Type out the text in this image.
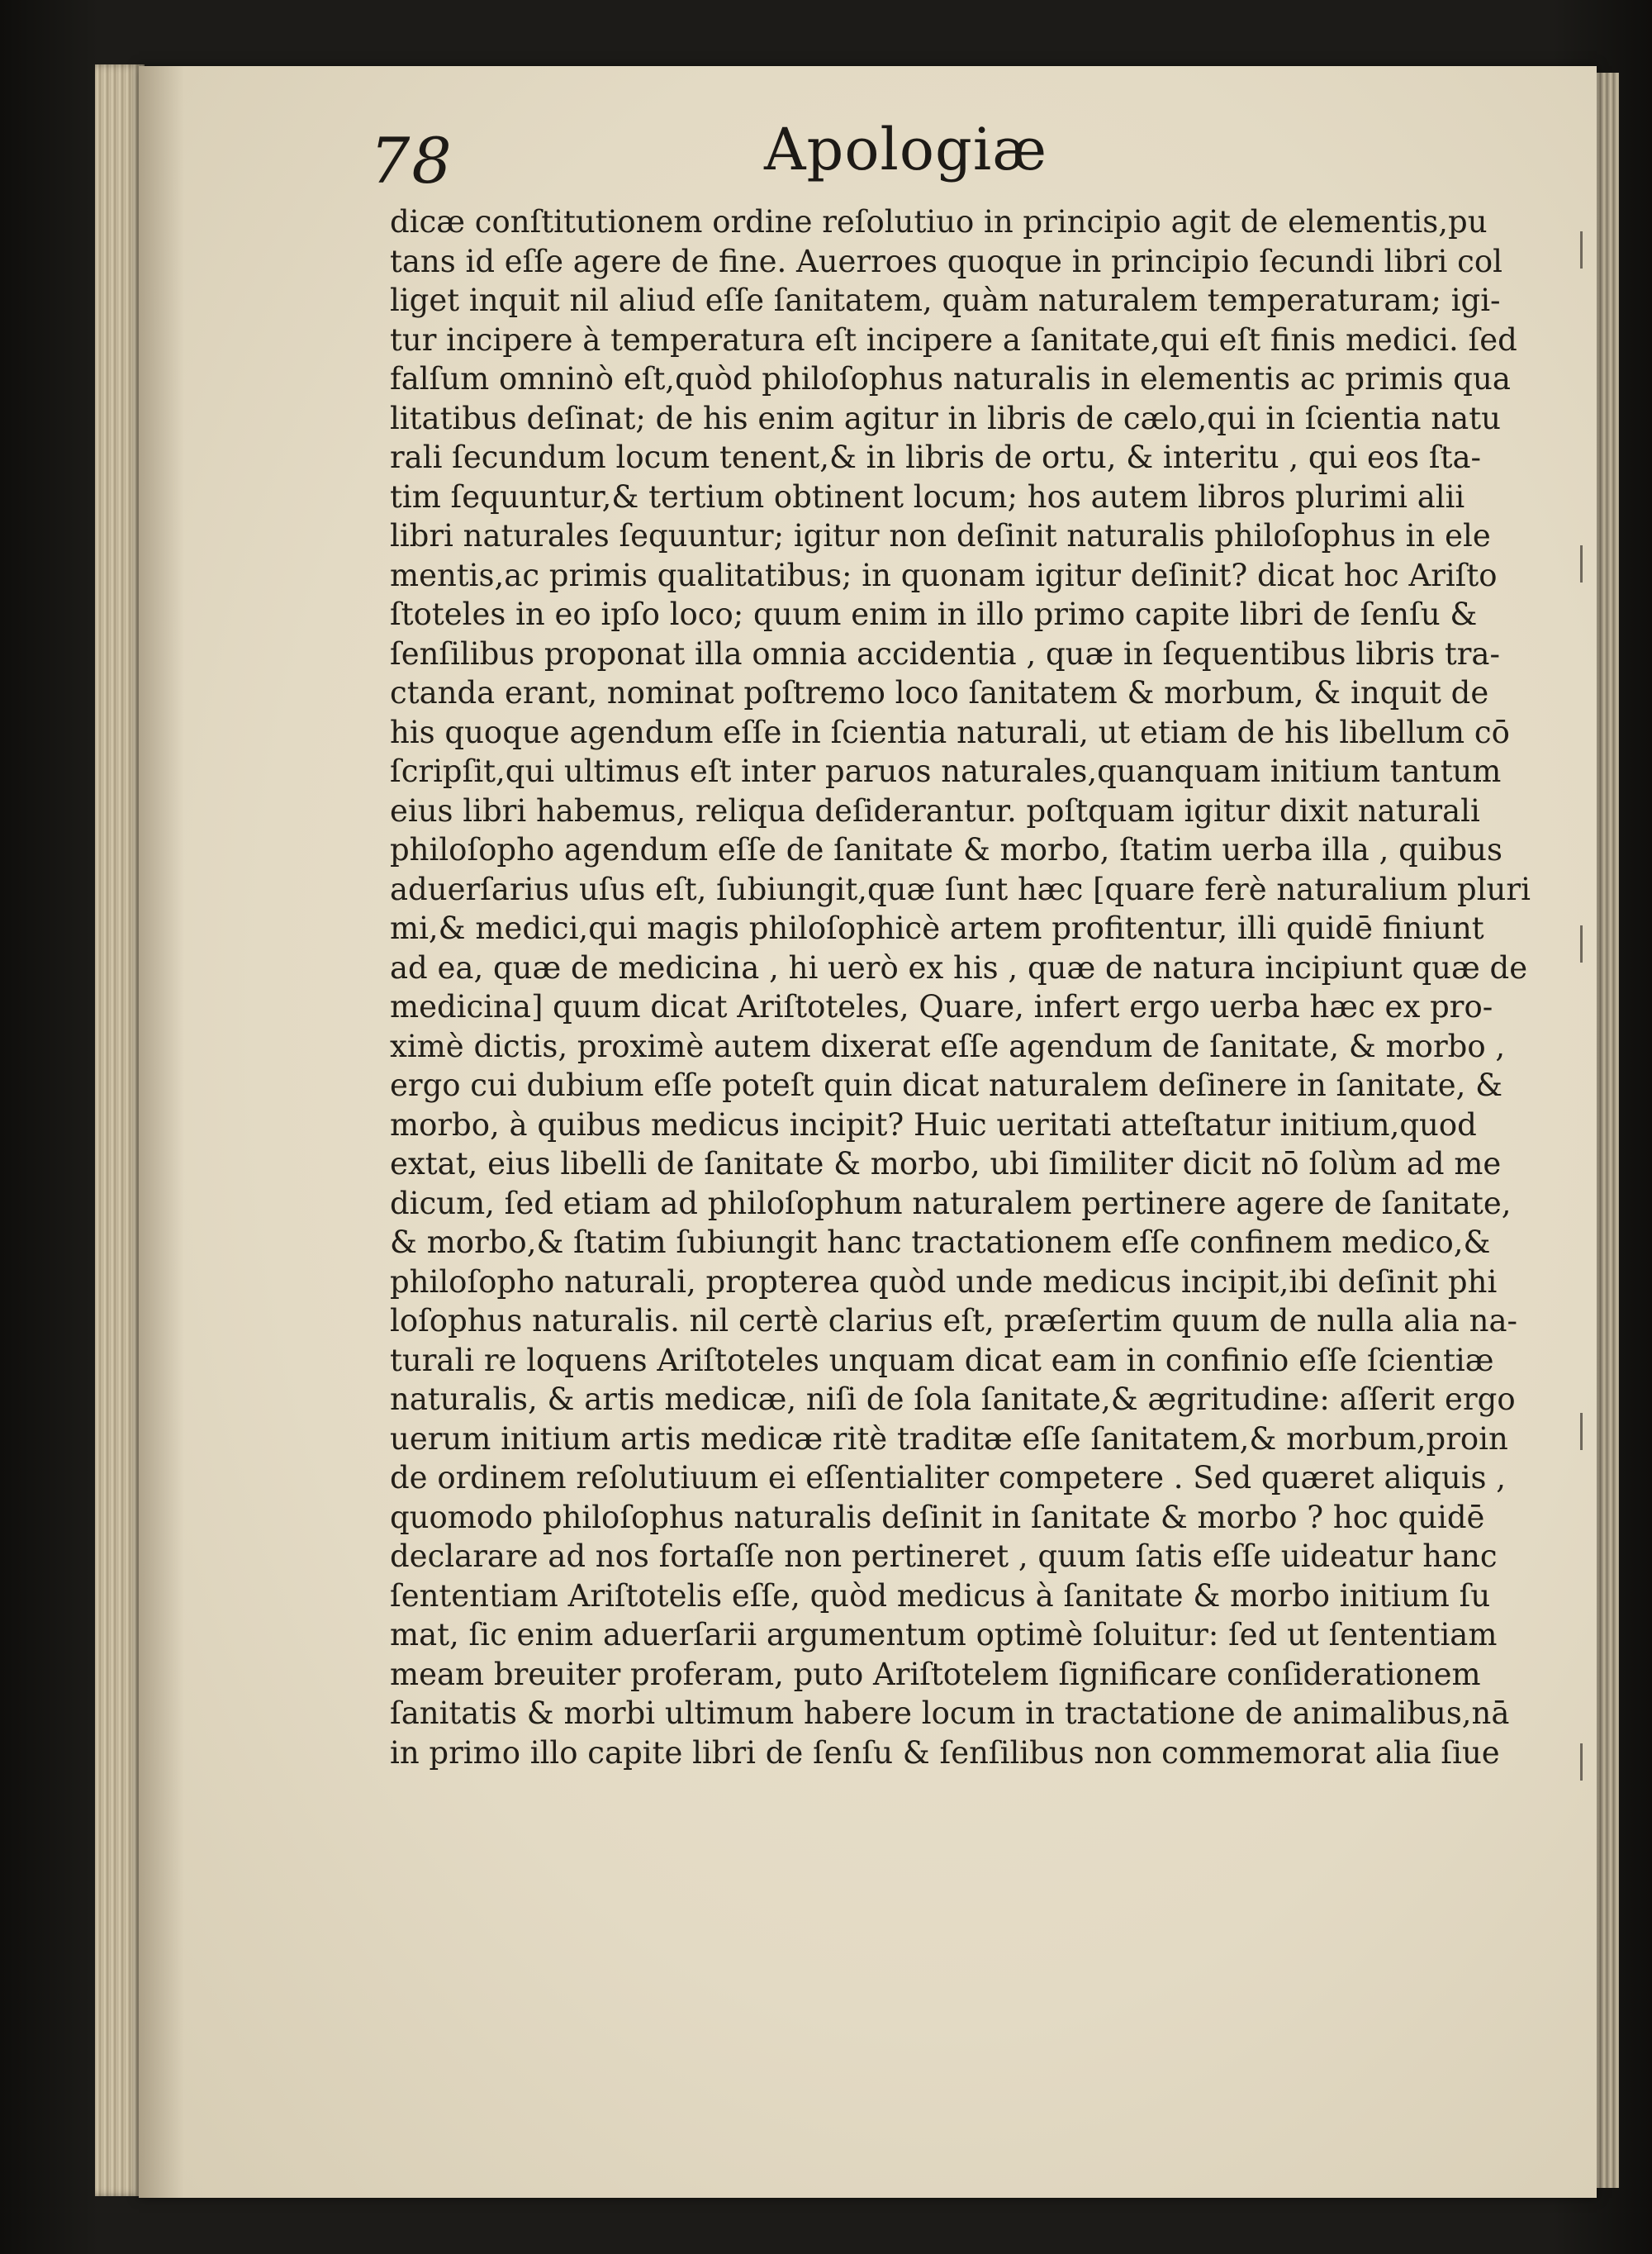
78	Apologiæ
dicæ conſtitutionem ordine reſolutiuo in principio agit de elementis,pu
tans id eſſe agere de fine. Auerroes quoque in principio ſecundi libri col
liget inquit nil aliud eſſe ſanitatem, quàm naturalem temperaturam; igi-
tur incipere à temperatura eſt incipere a ſanitate,qui eſt finis medici. ſed
falſum omninò eſt,quòd philoſophus naturalis in elementis ac primis qua
litatibus deſinat; de his enim agitur in libris de cælo,qui in ſcientia natu
rali ſecundum locum tenent,& in libris de ortu, & interitu , qui eos ſta-
tim ſequuntur,& tertium obtinent locum; hos autem libros plurimi alii
libri naturales ſequuntur; igitur non deſinit naturalis philoſophus in ele
mentis,ac primis qualitatibus; in quonam igitur deſinit? dicat hoc Ariſto
ſtoteles in eo ipſo loco; quum enim in illo primo capite libri de ſenſu &
ſenſilibus proponat illa omnia accidentia , quæ in ſequentibus libris tra-
ctanda erant, nominat poſtremo loco ſanitatem & morbum, & inquit de
his quoque agendum eſſe in ſcientia naturali, ut etiam de his libellum cō
ſcripſit,qui ultimus eſt inter paruos naturales,quanquam initium tantum
eius libri habemus, reliqua deſiderantur. poſtquam igitur dixit naturali
philoſopho agendum eſſe de ſanitate & morbo, ſtatim uerba illa , quibus
aduerſarius uſus eſt, ſubiungit,quæ ſunt hæc [quare ferè naturalium pluri
mi,& medici,qui magis philoſophicè artem profitentur, illi quidē finiunt
ad ea, quæ de medicina , hi uerò ex his , quæ de natura incipiunt quæ de
medicina] quum dicat Ariſtoteles, Quare, infert ergo uerba hæc ex pro-
ximè dictis, proximè autem dixerat eſſe agendum de ſanitate, & morbo ,
ergo cui dubium eſſe poteſt quin dicat naturalem deſinere in ſanitate, &
morbo, à quibus medicus incipit? Huic ueritati atteſtatur initium,quod
extat, eius libelli de ſanitate & morbo, ubi ſimiliter dicit nō ſolùm ad me
dicum, ſed etiam ad philoſophum naturalem pertinere agere de ſanitate,
& morbo,& ſtatim ſubiungit hanc tractationem eſſe confinem medico,&
philoſopho naturali, propterea quòd unde medicus incipit,ibi deſinit phi
loſophus naturalis. nil certè clarius eſt, præſertim quum de nulla alia na-
turali re loquens Ariſtoteles unquam dicat eam in confinio eſſe ſcientiæ
naturalis, & artis medicæ, niſi de ſola ſanitate,& ægritudine: aſſerit ergo
uerum initium artis medicæ ritè traditæ eſſe ſanitatem,& morbum,proin
de ordinem reſolutiuum ei eſſentialiter competere . Sed quæret aliquis ,
quomodo philoſophus naturalis deſinit in ſanitate & morbo ? hoc quidē
declarare ad nos fortaſſe non pertineret , quum ſatis eſſe uideatur hanc
ſententiam Ariſtotelis eſſe, quòd medicus à ſanitate & morbo initium ſu
mat, ſic enim aduerſarii argumentum optimè ſoluitur: ſed ut ſententiam
meam breuiter proferam, puto Ariſtotelem ſignificare conſiderationem
ſanitatis & morbi ultimum habere locum in tractatione de animalibus,nā
in primo illo capite libri de ſenſu & ſenſilibus non commemorat alia ſiue
